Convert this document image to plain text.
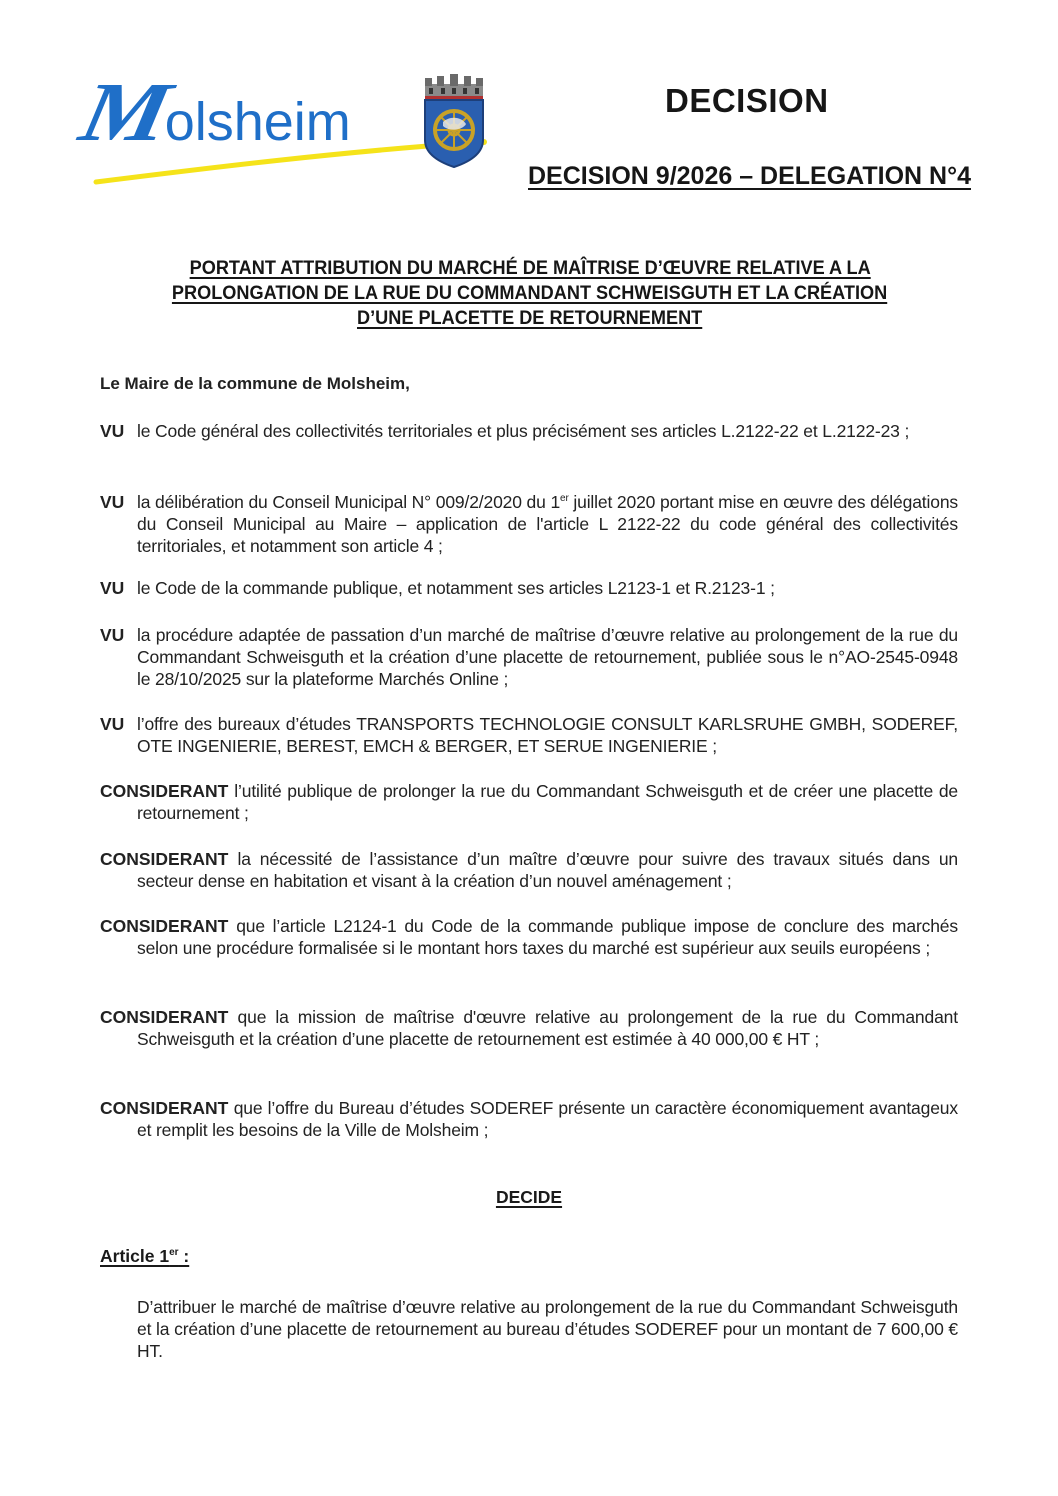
Molsheim	DECISION
DECISION 9/2026 – DELEGATION N°4
PORTANT ATTRIBUTION DU MARCHÉ DE MAÎTRISE D’ŒUVRE RELATIVE A LA
PROLONGATION DE LA RUE DU COMMANDANT SCHWEISGUTH ET LA CRÉATION
D’UNE PLACETTE DE RETOURNEMENT
Le Maire de la commune de Molsheim,
VU le Code général des collectivités territoriales et plus précisément ses articles L.2122-22 et L.2122-23 ;
VU la délibération du Conseil Municipal N° 009/2/2020 du 1er juillet 2020 portant mise en œuvre des délégations du Conseil Municipal au Maire – application de l'article L 2122-22 du code général des collectivités territoriales, et notamment son article 4 ;
VU le Code de la commande publique, et notamment ses articles L2123-1 et R.2123-1 ;
VU la procédure adaptée de passation d’un marché de maîtrise d’œuvre relative au prolongement de la rue du Commandant Schweisguth et la création d’une placette de retournement, publiée sous le n°AO-2545-0948 le 28/10/2025 sur la plateforme Marchés Online ;
VU l’offre des bureaux d’études TRANSPORTS TECHNOLOGIE CONSULT KARLSRUHE GMBH, SODEREF, OTE INGENIERIE, BEREST, EMCH & BERGER, ET SERUE INGENIERIE ;
CONSIDERANT l’utilité publique de prolonger la rue du Commandant Schweisguth et de créer une placette de retournement ;
CONSIDERANT la nécessité de l’assistance d’un maître d’œuvre pour suivre des travaux situés dans un secteur dense en habitation et visant à la création d’un nouvel aménagement ;
CONSIDERANT que l’article L2124-1 du Code de la commande publique impose de conclure des marchés selon une procédure formalisée si le montant hors taxes du marché est supérieur aux seuils européens ;
CONSIDERANT que la mission de maîtrise d'œuvre relative au prolongement de la rue du Commandant Schweisguth et la création d’une placette de retournement est estimée à 40 000,00 € HT ;
CONSIDERANT que l’offre du Bureau d’études SODEREF présente un caractère économiquement avantageux et remplit les besoins de la Ville de Molsheim ;
DECIDE
Article 1er :
D’attribuer le marché de maîtrise d’œuvre relative au prolongement de la rue du Commandant Schweisguth et la création d’une placette de retournement au bureau d’études SODEREF pour un montant de 7 600,00 € HT.
